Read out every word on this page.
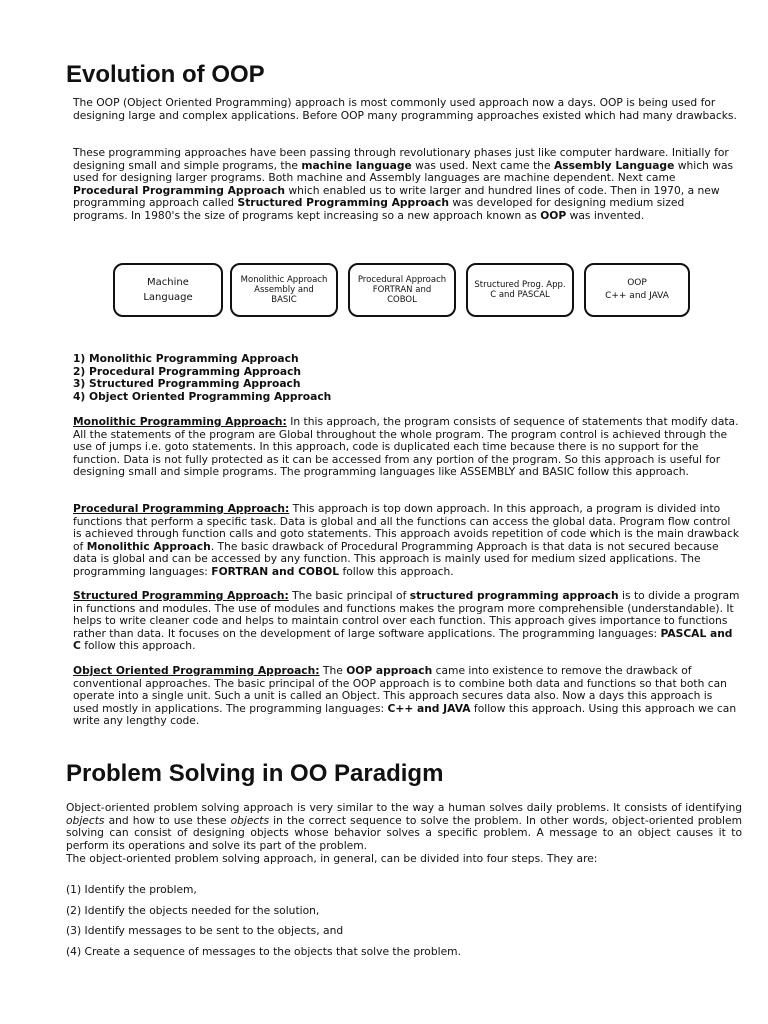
Evolution of OOP

The OOP (Object Oriented Programming) approach is most commonly used approach now a days. OOP is being used for designing large and complex applications. Before OOP many programming approaches existed which had many drawbacks.

These programming approaches have been passing through revolutionary phases just like computer hardware. Initially for designing small and simple programs, the machine language was used. Next came the Assembly Language which was used for designing larger programs. Both machine and Assembly languages are machine dependent. Next came Procedural Programming Approach which enabled us to write larger and hundred lines of code. Then in 1970, a new programming approach called Structured Programming Approach was developed for designing medium sized programs. In 1980's the size of programs kept increasing so a new approach known as OOP was invented.

Machine
Language
Monolithic Approach
Assembly and
BASIC
Procedural Approach
FORTRAN and
COBOL
Structured Prog. App.
C and PASCAL
OOP
C++ and JAVA
1) Monolithic Programming Approach
2) Procedural Programming Approach
3) Structured Programming Approach
4) Object Oriented Programming Approach

Monolithic Programming Approach: In this approach, the program consists of sequence of statements that modify data. All the statements of the program are Global throughout the whole program. The program control is achieved through the use of jumps i.e. goto statements. In this approach, code is duplicated each time because there is no support for the function. Data is not fully protected as it can be accessed from any portion of the program. So this approach is useful for designing small and simple programs. The programming languages like ASSEMBLY and BASIC follow this approach.

Procedural Programming Approach: This approach is top down approach. In this approach, a program is divided into functions that perform a specific task. Data is global and all the functions can access the global data. Program flow control is achieved through function calls and goto statements. This approach avoids repetition of code which is the main drawback of Monolithic Approach. The basic drawback of Procedural Programming Approach is that data is not secured because data is global and can be accessed by any function. This approach is mainly used for medium sized applications. The programming languages: FORTRAN and COBOL follow this approach.

Structured Programming Approach: The basic principal of structured programming approach is to divide a program in functions and modules. The use of modules and functions makes the program more comprehensible (understandable). It helps to write cleaner code and helps to maintain control over each function. This approach gives importance to functions rather than data. It focuses on the development of large software applications. The programming languages: PASCAL and C follow this approach.

Object Oriented Programming Approach: The OOP approach came into existence to remove the drawback of conventional approaches. The basic principal of the OOP approach is to combine both data and functions so that both can operate into a single unit. Such a unit is called an Object. This approach secures data also. Now a days this approach is used mostly in applications. The programming languages: C++ and JAVA follow this approach. Using this approach we can write any lengthy code.

Problem Solving in OO Paradigm

Object-oriented problem solving approach is very similar to the way a human solves daily problems. It consists of identifying objects and how to use these objects in the correct sequence to solve the problem. In other words, object-oriented problem solving can consist of designing objects whose behavior solves a specific problem. A message to an object causes it to perform its operations and solve its part of the problem.

The object-oriented problem solving approach, in general, can be divided into four steps. They are:

(1) Identify the problem,
(2) Identify the objects needed for the solution,
(3) Identify messages to be sent to the objects, and
(4) Create a sequence of messages to the objects that solve the problem.
